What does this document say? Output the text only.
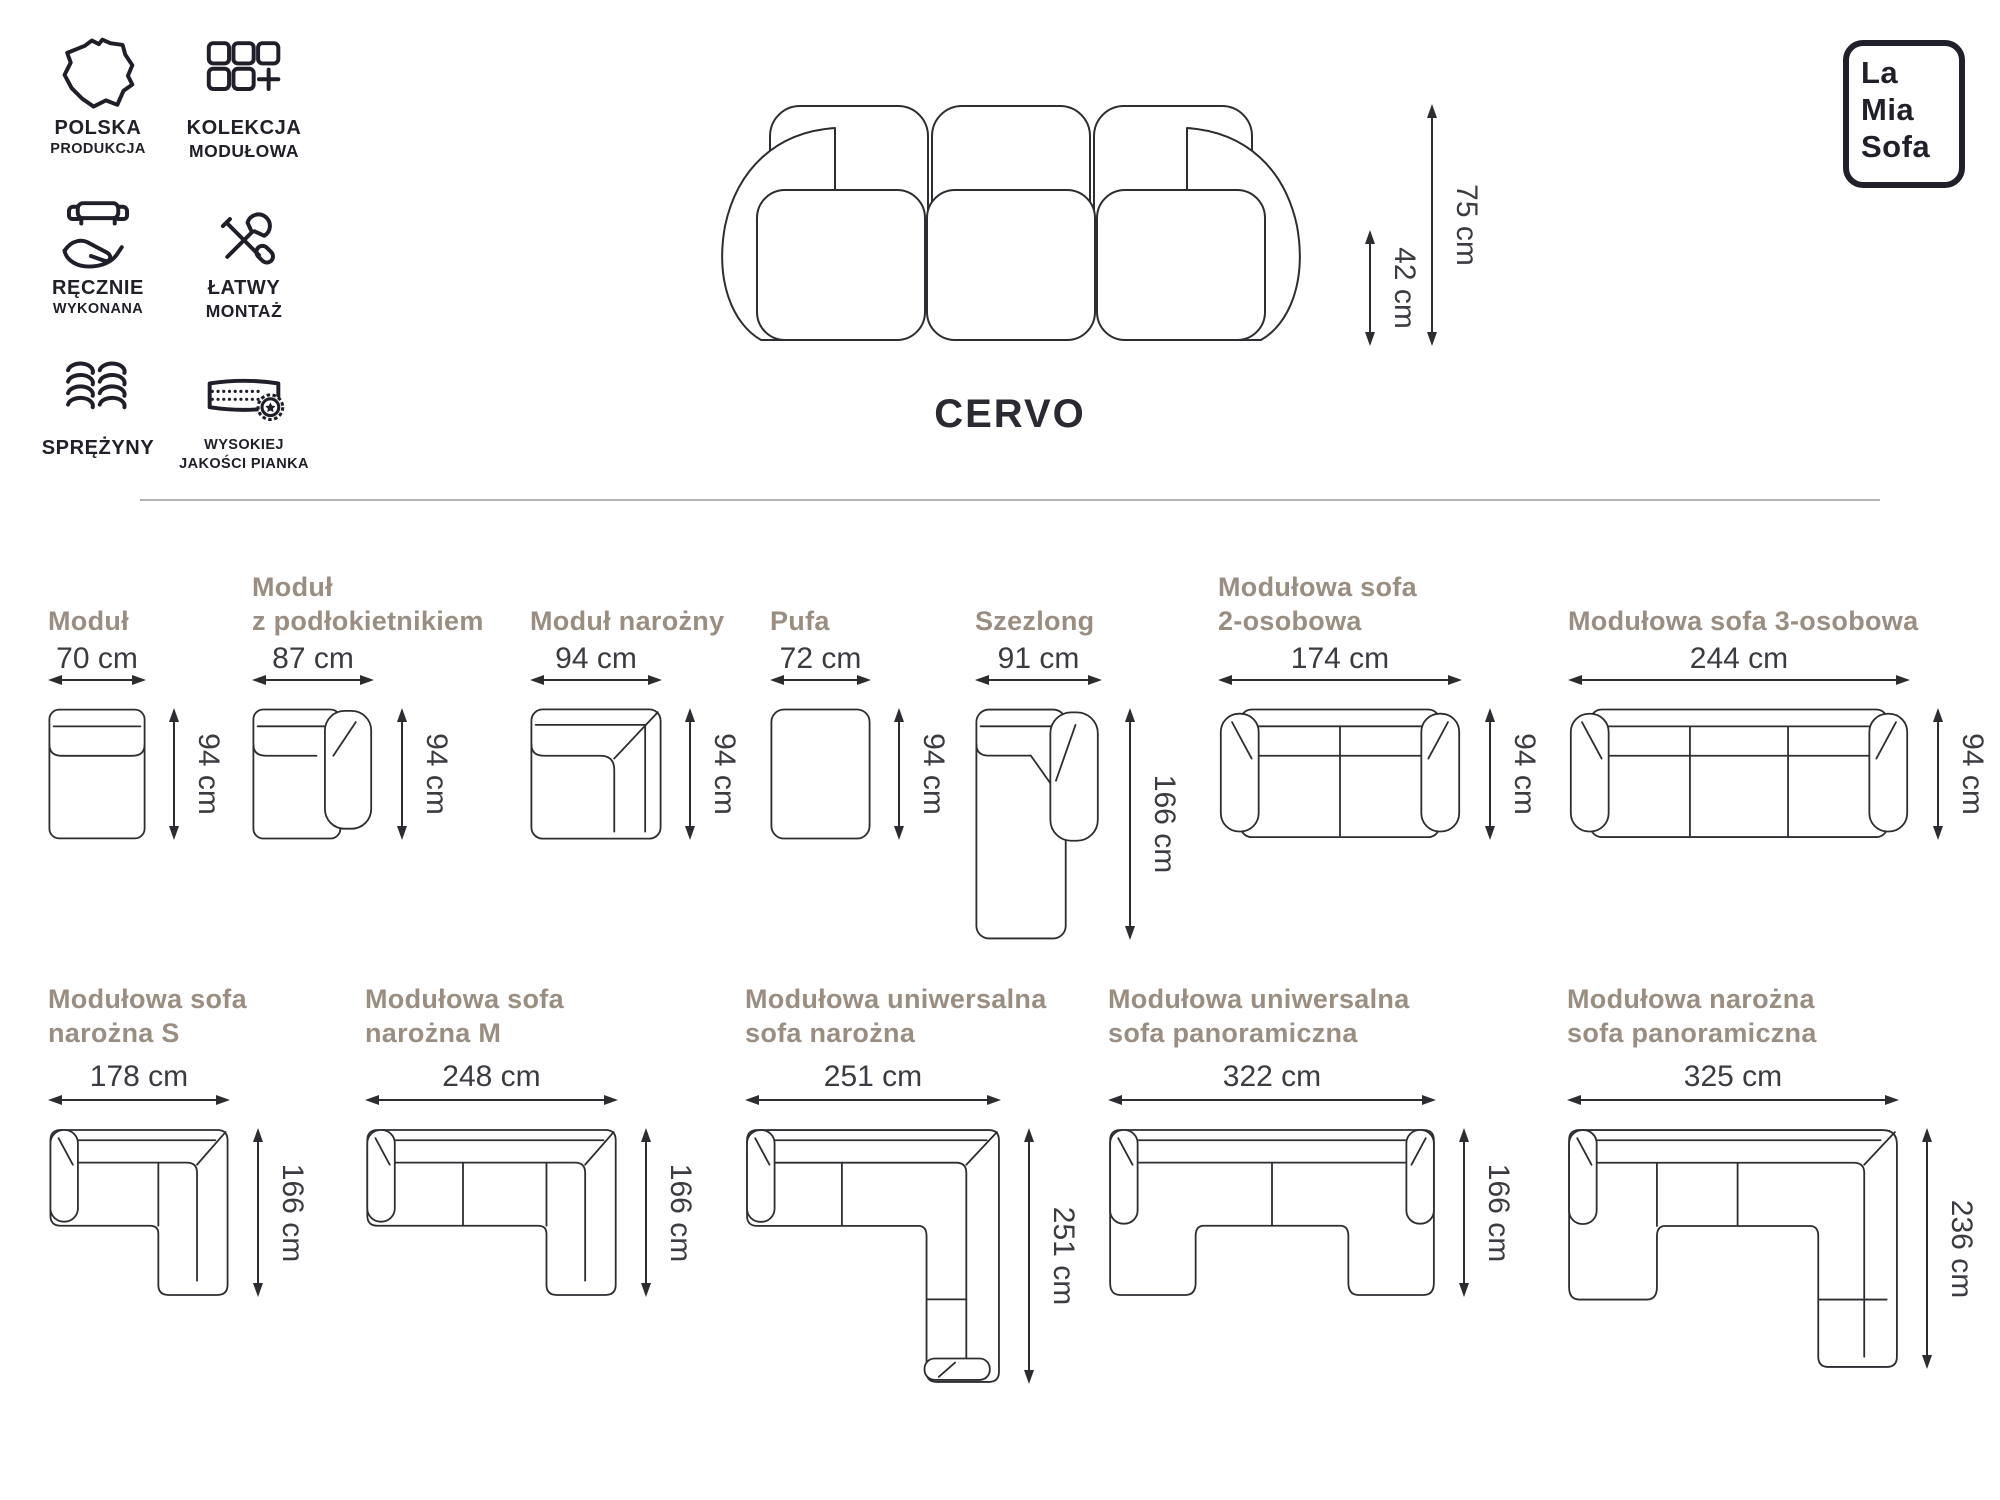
POLSKA
PRODUKCJA
KOLEKCJA
MODUŁOWA
RĘCZNIE
WYKONANA
ŁATWY
MONTAŻ
SPRĘŻYNY	WYSOKIEJ
JAKOŚCI PIANKA
42 cm
75 cm
CERVO
La
Mia
Sofa
Moduł
70 cm
94 cm
Moduł
z podłokietnikiem
87 cm
94 cm
Moduł narożny
94 cm
94 cm
Pufa
72 cm
94 cm
Szezlong
91 cm
166 cm
Modułowa sofa
2-osobowa
174 cm
94 cm
Modułowa sofa 3-osobowa
244 cm
94 cm
Modułowa sofa
narożna S
178 cm
166 cm
Modułowa sofa
narożna M
248 cm
166 cm
Modułowa uniwersalna
sofa narożna
251 cm
251 cm
Modułowa uniwersalna
sofa panoramiczna
322 cm
166 cm
Modułowa narożna
sofa panoramiczna
325 cm
236 cm
